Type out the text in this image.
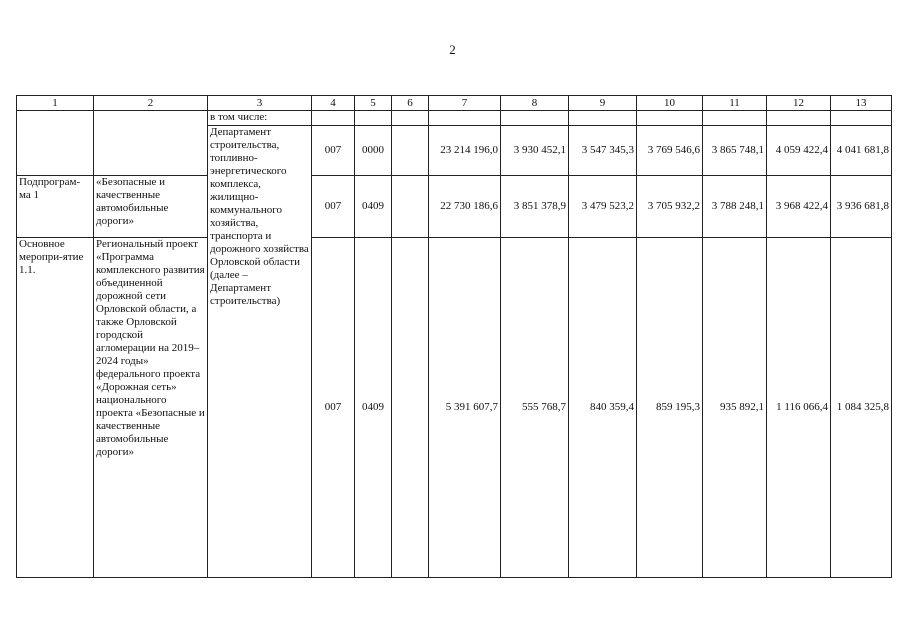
2
1	2	3	4	5	6	7	8	9	10	11	12	13
		в том числе:										
		Департамент строительства, топливно-энергетического комплекса, жилищно-коммунального хозяйства, транспорта и дорожного хозяйства Орловской области (далее – Департамент строительства)	007	0000		23 214 196,0	3 930 452,1	3 547 345,3	3 769 546,6	3 865 748,1	4 059 422,4	4 041 681,8
Подпрограм-ма 1	«Безопасные и качественные автомобильные дороги»		007	0409		22 730 186,6	3 851 378,9	3 479 523,2	3 705 932,2	3 788 248,1	3 968 422,4	3 936 681,8
Основное меропри-ятие 1.1.	Региональный проект «Программа комплексного развития объединенной дорожной сети Орловской области, а также Орловской городской агломерации на 2019–2024 годы» федерального проекта «Дорожная сеть» национального проекта «Безопасные и качественные автомобильные дороги»		007	0409		5 391 607,7	555 768,7	840 359,4	859 195,3	935 892,1	1 116 066,4	1 084 325,8
